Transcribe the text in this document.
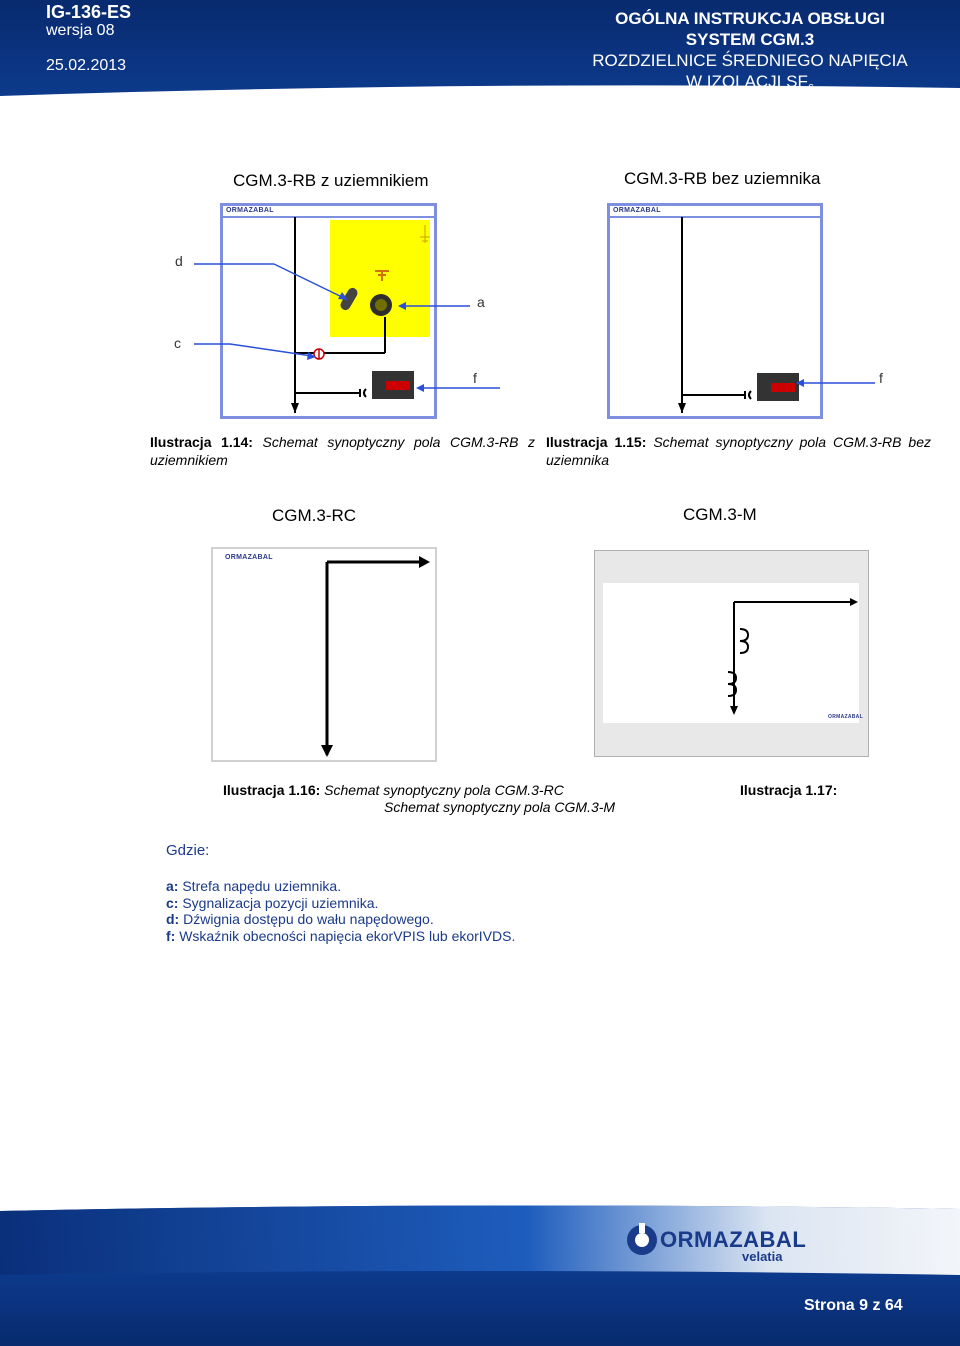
IG-136-ES
wersja 08
25.02.2013
OGÓLNA INSTRUKCJA OBSŁUGI
SYSTEM CGM.3
ROZDZIELNICE ŚREDNIEGO NAPIĘCIA
W IZOLACJI $SF_6$
CGM.3-RB z uziemnikiem
ORMAZABAL
d
a
c
f
Ilustracja 1.14: Schemat synoptyczny pola CGM.3-RB z uziemnikiem
CGM.3-RB bez uziemnika
ORMAZABAL
f
Ilustracja 1.15: Schemat synoptyczny pola CGM.3-RB bez uziemnika
CGM.3-RC
ORMAZABAL
Ilustracja 1.16: Schemat synoptyczny pola CGM.3-RC
CGM.3-M
ORMAZABAL
Ilustracja 1.17:
Schemat synoptyczny pola CGM.3-M
Gdzie:
a: Strefa napędu uziemnika.
c: Sygnalizacja pozycji uziemnika.
d: Dźwignia dostępu do wału napędowego.
f: Wskaźnik obecności napięcia ekorVPIS lub ekorIVDS.
ORMAZABAL
velatia
Strona 9 z 64
